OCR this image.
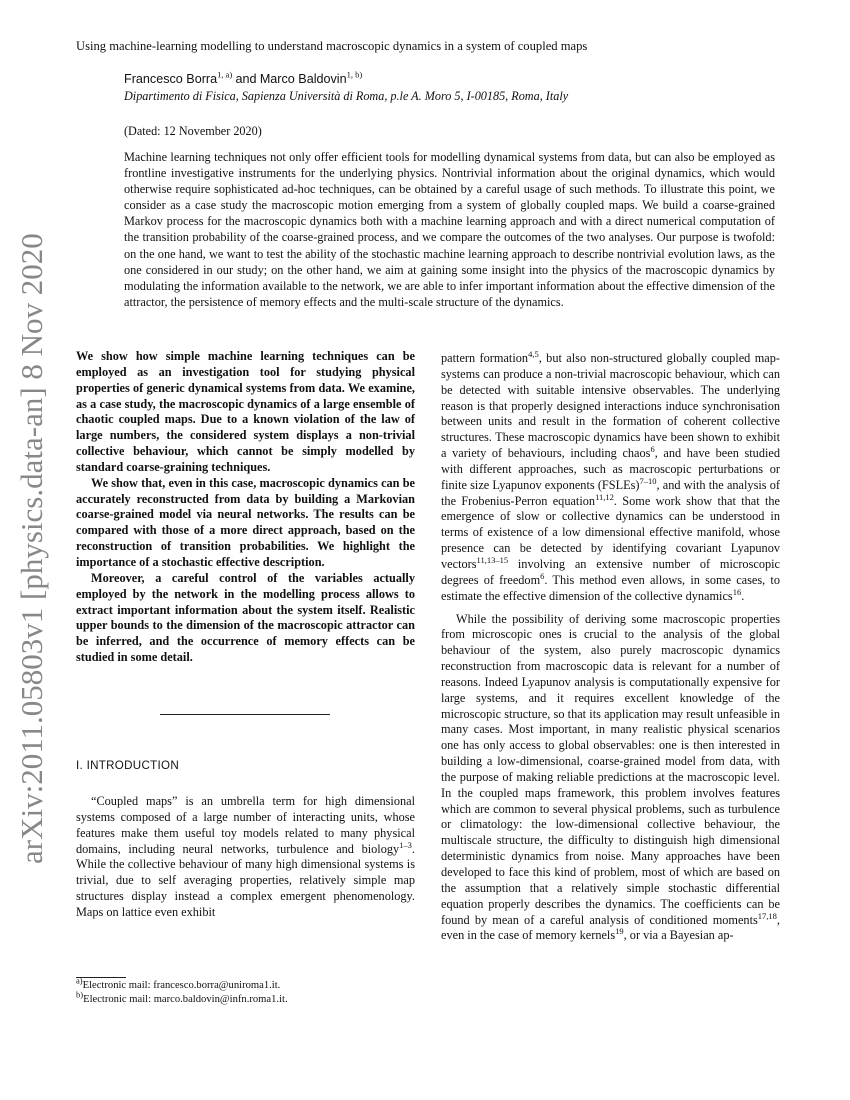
Using machine-learning modelling to understand macroscopic dynamics in a system of coupled maps
Francesco Borra$^{1, a)}$ and Marco Baldovin$^{1, b)}$
Dipartimento di Fisica, Sapienza Università di Roma, p.le A. Moro 5, I-00185, Roma, Italy
(Dated: 12 November 2020)

Machine learning techniques not only offer efficient tools for modelling dynamical systems from data, but can also be employed as frontline investigative instruments for the underlying physics. Nontrivial information about the original dynamics, which would otherwise require sophisticated ad-hoc techniques, can be obtained by a careful usage of such methods. To illustrate this point, we consider as a case study the macroscopic motion emerging from a system of globally coupled maps. We build a coarse-grained Markov process for the macroscopic dynamics both with a machine learning approach and with a direct numerical computation of the transition probability of the coarse-grained process, and we compare the outcomes of the two analyses. Our purpose is twofold: on the one hand, we want to test the ability of the stochastic machine learning approach to describe nontrivial evolution laws, as the one considered in our study; on the other hand, we aim at gaining some insight into the physics of the macroscopic dynamics by modulating the information available to the network, we are able to infer important information about the effective dimension of the attractor, the persistence of memory effects and the multi-scale structure of the dynamics.

arXiv:2011.05803v1 [physics.data-an] 8 Nov 2020 We show how simple machine learning techniques can be employed as an investigation tool for studying physical properties of generic dynamical systems from data. We examine, as a case study, the macroscopic dynamics of a large ensemble of chaotic coupled maps. Due to a known violation of the law of large numbers, the considered system displays a non-trivial collective behaviour, which cannot be simply modelled by standard coarse-graining techniques.

We show that, even in this case, macroscopic dynamics can be accurately reconstructed from data by building a Markovian coarse-grained model via neural networks. The results can be compared with those of a more direct approach, based on the reconstruction of transition probabilities. We highlight the importance of a stochastic effective description.

Moreover, a careful control of the variables actually employed by the network in the modelling process allows to extract important information about the system itself. Realistic upper bounds to the dimension of the macroscopic attractor can be inferred, and the occurrence of memory effects can be studied in some detail.

I. INTRODUCTION

“Coupled maps” is an umbrella term for high dimensional systems composed of a large number of interacting units, whose features make them useful toy models related to many physical domains, including neural networks, turbulence and biology$^{1-3}$. While the collective behaviour of many high dimensional systems is trivial, due to self averaging properties, relatively simple map structures display instead a complex emergent phenomenology. Maps on lattice even exhibit

$^{a)}$Electronic mail: francesco.borra@uniroma1.it.
$^{b)}$Electronic mail: marco.baldovin@infn.roma1.it.

pattern formation$^{4,5}$, but also non-structured globally coupled map-systems can produce a non-trivial macroscopic behaviour, which can be detected with suitable intensive observables. The underlying reason is that properly designed interactions induce synchronisation between units and result in the formation of coherent collective structures. These macroscopic dynamics have been shown to exhibit a variety of behaviours, including chaos$^6$, and have been studied with different approaches, such as macroscopic perturbations or finite size Lyapunov exponents (FSLEs)$^{7-10}$, and with the analysis of the Frobenius-Perron equation$^{11,12}$. Some work show that that the emergence of slow or collective dynamics can be understood in terms of existence of a low dimensional effective manifold, whose presence can be detected by identifying covariant Lyapunov vectors$^{11,13-15}$ involving an extensive number of microscopic degrees of freedom$^6$. This method even allows, in some cases, to estimate the effective dimension of the collective dynamics$^{16}$.

While the possibility of deriving some macroscopic properties from microscopic ones is crucial to the analysis of the global behaviour of the system, also purely macroscopic dynamics reconstruction from macroscopic data is relevant for a number of reasons. Indeed Lyapunov analysis is computationally expensive for large systems, and it requires excellent knowledge of the microscopic structure, so that its application may result unfeasible in many cases. Most important, in many realistic physical scenarios one has only access to global observables: one is then interested in building a low-dimensional, coarse-grained model from data, with the purpose of making reliable predictions at the macroscopic level. In the coupled maps framework, this problem involves features which are common to several physical problems, such as turbulence or climatology: the low-dimensional collective behaviour, the multiscale structure, the difficulty to distinguish high dimensional deterministic dynamics from noise. Many approaches have been developed to face this kind of problem, most of which are based on the assumption that a relatively simple stochastic differential equation properly describes the dynamics. The coefficients can be found by mean of a careful analysis of conditioned moments$^{17,18}$, even in the case of memory kernels$^{19}$, or via a Bayesian ap-
